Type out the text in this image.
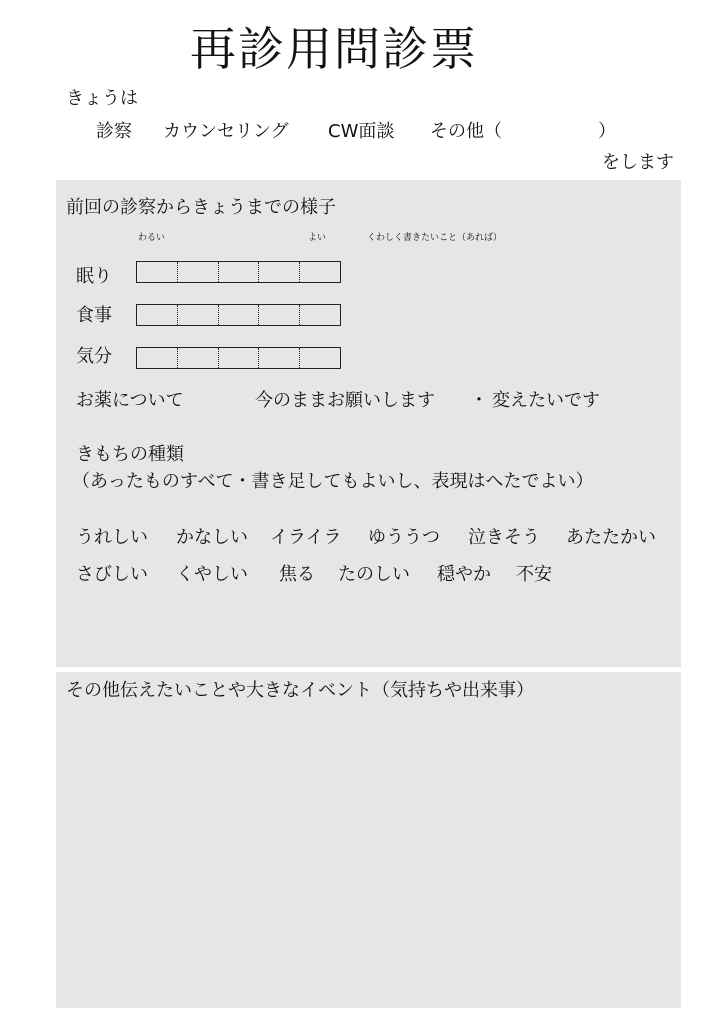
再診用問診票
きょうは
診察 カウンセリング CW面談 その他（	）
をします
前回の診察からきょうまでの様子
わるい	よい	くわしく書きたいこと（あれば）
眠り
食事
気分
お薬について	今のままお願いします ・ 変えたいです
きもちの種類
（あったものすべて・書き足してもよいし、表現はへたでよい）
うれしい かなしい イライラ ゆううつ 泣きそう あたたかい
さびしい くやしい 焦る たのしい 穏やか 不安
その他伝えたいことや大きなイベント（気持ちや出来事）
